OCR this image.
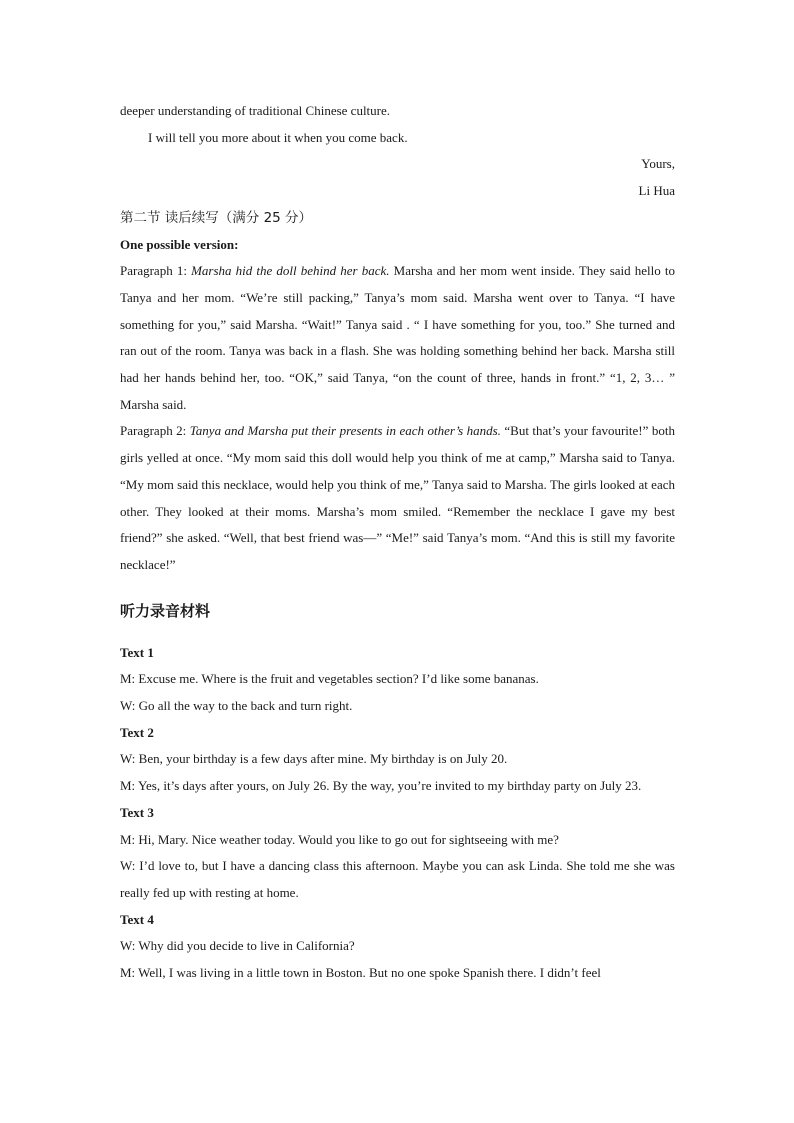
deeper understanding of traditional Chinese culture.

I will tell you more about it when you come back.

Yours,

Li Hua

第二节 读后续写（满分 25 分）

One possible version:

Paragraph 1: Marsha hid the doll behind her back. Marsha and her mom went inside. They said hello to Tanya and her mom. “We’re still packing,” Tanya’s mom said. Marsha went over to Tanya. “I have something for you,” said Marsha. “Wait!” Tanya said . “ I have something for you, too.” She turned and ran out of the room. Tanya was back in a flash. She was holding something behind her back. Marsha still had her hands behind her, too. “OK,” said Tanya, “on the count of three, hands in front.” “1, 2, 3… ” Marsha said.

Paragraph 2: Tanya and Marsha put their presents in each other’s hands. “But that’s your favourite!” both girls yelled at once. “My mom said this doll would help you think of me at camp,” Marsha said to Tanya. “My mom said this necklace, would help you think of me,” Tanya said to Marsha. The girls looked at each other. They looked at their moms. Marsha’s mom smiled. “Remember the necklace I gave my best friend?” she asked. “Well, that best friend was—” “Me!” said Tanya’s mom. “And this is still my favorite necklace!”

听力录音材料

Text 1

M: Excuse me. Where is the fruit and vegetables section? I’d like some bananas.

W: Go all the way to the back and turn right.

Text 2

W: Ben, your birthday is a few days after mine. My birthday is on July 20.

M: Yes, it’s days after yours, on July 26. By the way, you’re invited to my birthday party on July 23.

Text 3

M: Hi, Mary. Nice weather today. Would you like to go out for sightseeing with me?

W: I’d love to, but I have a dancing class this afternoon. Maybe you can ask Linda. She told me she was really fed up with resting at home.

Text 4

W: Why did you decide to live in California?

M: Well, I was living in a little town in Boston. But no one spoke Spanish there. I didn’t feel
